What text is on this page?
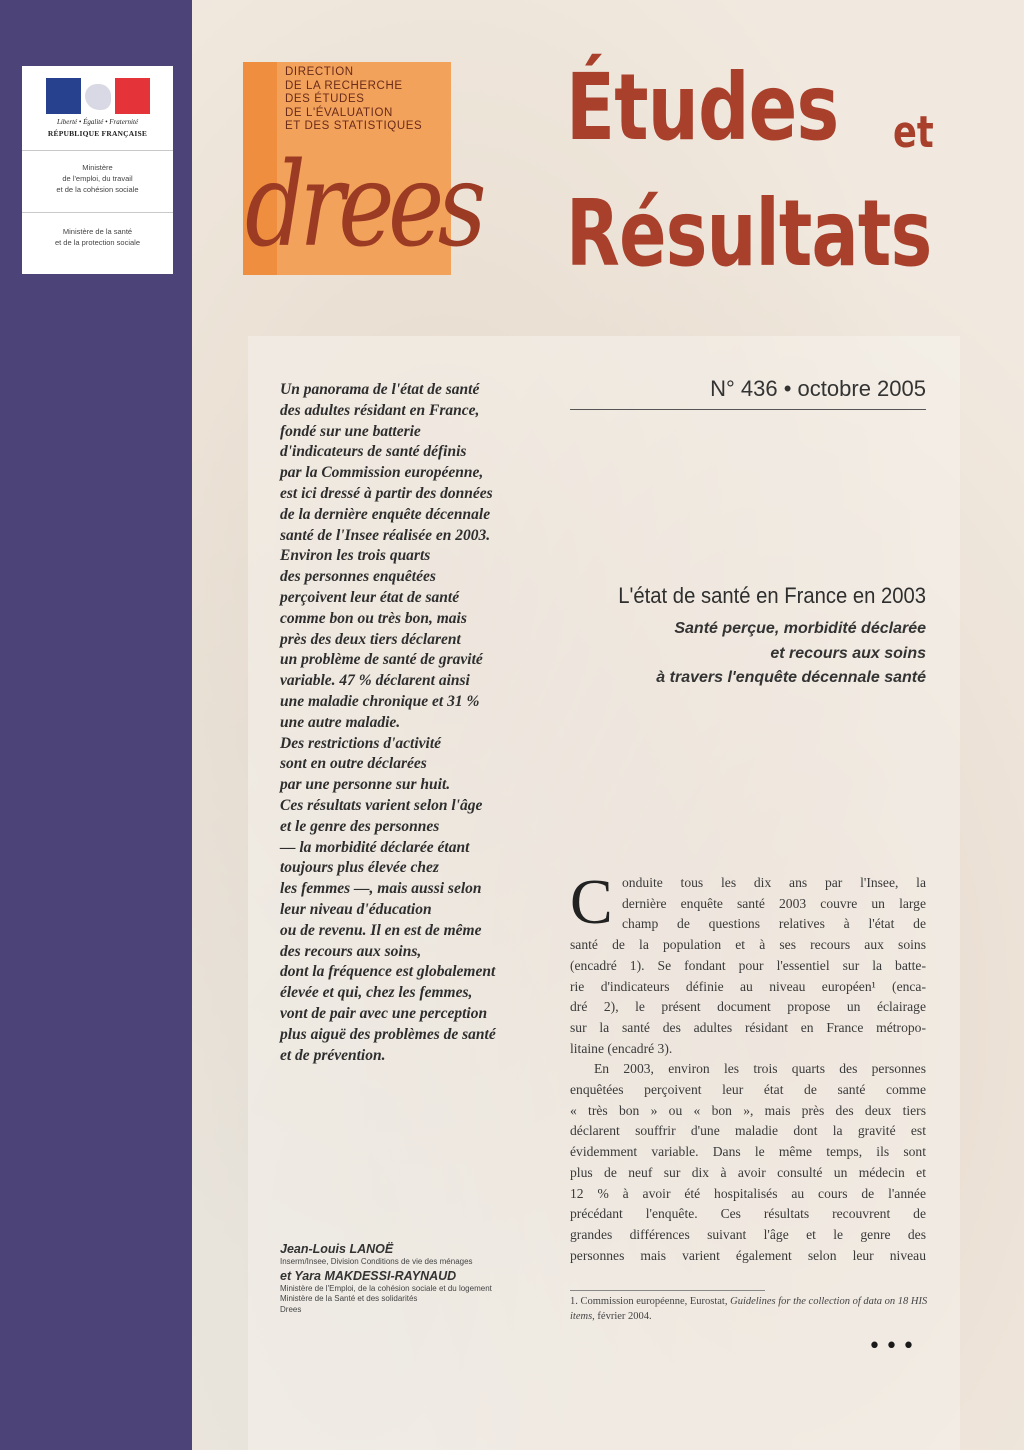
Liberté • Égalité • Fraternité
RÉPUBLIQUE FRANÇAISE
Ministère
de l'emploi, du travail
et de la cohésion sociale
Ministère de la santé
et de la protection sociale
DIRECTION
DE LA RECHERCHE
DES ÉTUDES
DE L'ÉVALUATION
ET DES STATISTIQUES
drees
Études et
Résultats
Un panorama de l'état de santé
des adultes résidant en France,
fondé sur une batterie
d'indicateurs de santé définis
par la Commission européenne,
est ici dressé à partir des données
de la dernière enquête décennale
santé de l'Insee réalisée en 2003.
Environ les trois quarts
des personnes enquêtées
perçoivent leur état de santé
comme bon ou très bon, mais
près des deux tiers déclarent
un problème de santé de gravité
variable. 47 % déclarent ainsi
une maladie chronique et 31 %
une autre maladie.
Des restrictions d'activité
sont en outre déclarées
par une personne sur huit.
Ces résultats varient selon l'âge
et le genre des personnes
— la morbidité déclarée étant
toujours plus élevée chez
les femmes —, mais aussi selon
leur niveau d'éducation
ou de revenu. Il en est de même
des recours aux soins,
dont la fréquence est globalement
élevée et qui, chez les femmes,
vont de pair avec une perception
plus aiguë des problèmes de santé
et de prévention.
N° 436 • octobre 2005
L'état de santé en France en 2003
Santé perçue, morbidité déclarée
et recours aux soins
à travers l'enquête décennale santé
C onduite tous les dix ans par l'Insee, la
dernière enquête santé 2003 couvre un large
champ de questions relatives à l'état de
santé de la population et à ses recours aux soins
(encadré 1). Se fondant pour l'essentiel sur la batte-
rie d'indicateurs définie au niveau européen¹ (enca-
dré 2), le présent document propose un éclairage
sur la santé des adultes résidant en France métropo-
litaine (encadré 3).
En 2003, environ les trois quarts des personnes
enquêtées perçoivent leur état de santé comme
« très bon » ou « bon », mais près des deux tiers
déclarent souffrir d'une maladie dont la gravité est
évidemment variable. Dans le même temps, ils sont
plus de neuf sur dix à avoir consulté un médecin et
12 % à avoir été hospitalisés au cours de l'année
précédant l'enquête. Ces résultats recouvrent de
grandes différences suivant l'âge et le genre des
personnes mais varient également selon leur niveau
Jean-Louis LANOË
Inserm/Insee, Division Conditions de vie des ménages
et Yara MAKDESSI-RAYNAUD
Ministère de l'Emploi, de la cohésion sociale et du logement
Ministère de la Santé et des solidarités
Drees
1. Commission européenne, Eurostat, Guidelines for the collection of data on 18 HIS items, février 2004.
•••
